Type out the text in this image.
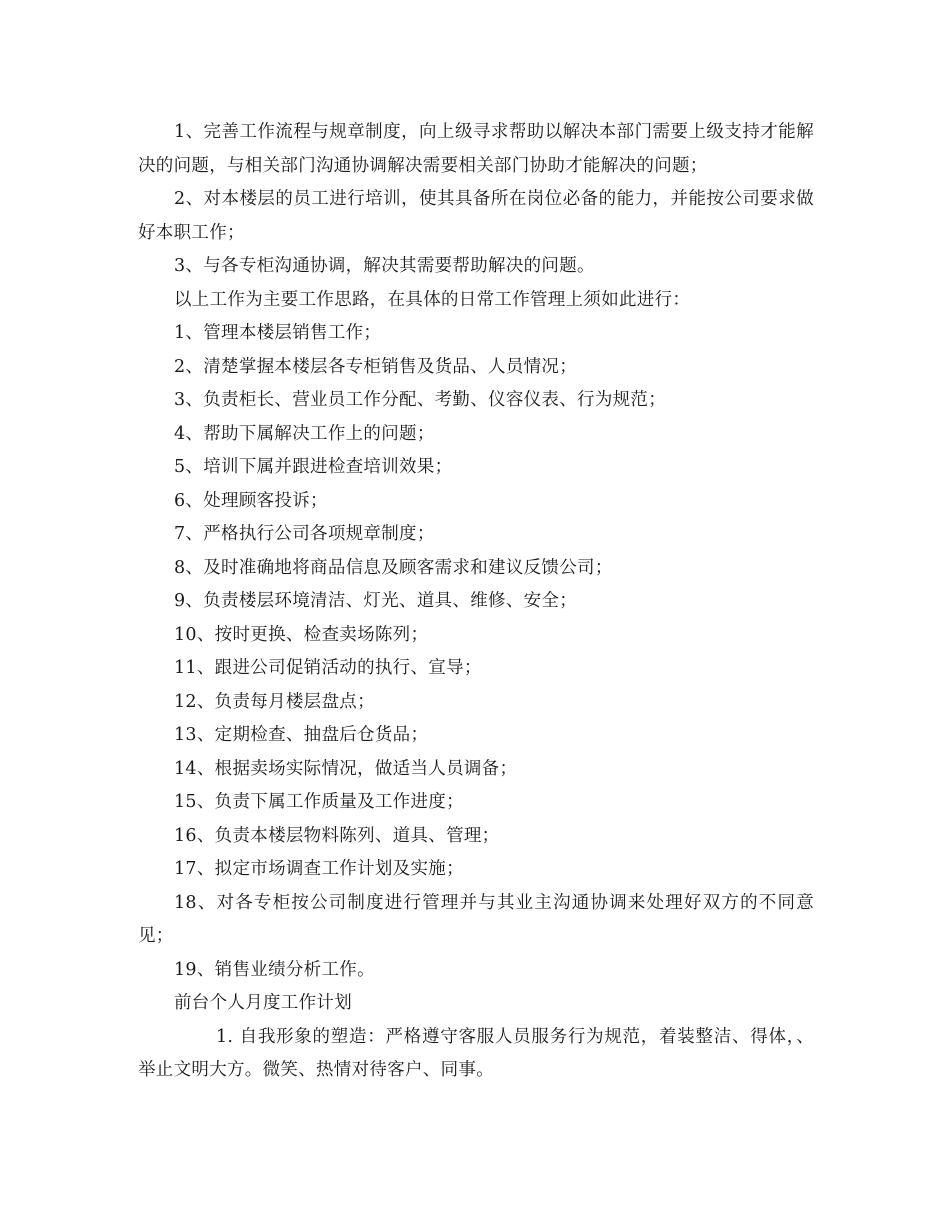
1、完善工作流程与规章制度，向上级寻求帮助以解决本部门需要上级支持才能解决的问题，与相关部门沟通协调解决需要相关部门协助才能解决的问题；

2、对本楼层的员工进行培训，使其具备所在岗位必备的能力，并能按公司要求做好本职工作；

3、与各专柜沟通协调，解决其需要帮助解决的问题。

以上工作为主要工作思路，在具体的日常工作管理上须如此进行：

1、管理本楼层销售工作；

2、清楚掌握本楼层各专柜销售及货品、人员情况；

3、负责柜长、营业员工作分配、考勤、仪容仪表、行为规范；

4、帮助下属解决工作上的问题；

5、培训下属并跟进检查培训效果；

6、处理顾客投诉；

7、严格执行公司各项规章制度；

8、及时准确地将商品信息及顾客需求和建议反馈公司；

9、负责楼层环境清洁、灯光、道具、维修、安全；

10、按时更换、检查卖场陈列；

11、跟进公司促销活动的执行、宣导；

12、负责每月楼层盘点；

13、定期检查、抽盘后仓货品；

14、根据卖场实际情况，做适当人员调备；

15、负责下属工作质量及工作进度；

16、负责本楼层物料陈列、道具、管理；

17、拟定市场调查工作计划及实施；

18、对各专柜按公司制度进行管理并与其业主沟通协调来处理好双方的不同意见；

19、销售业绩分析工作。

前台个人月度工作计划

1. 自我形象的塑造：严格遵守客服人员服务行为规范，着装整洁、得体，、举止文明大方。微笑、热情对待客户、同事。
